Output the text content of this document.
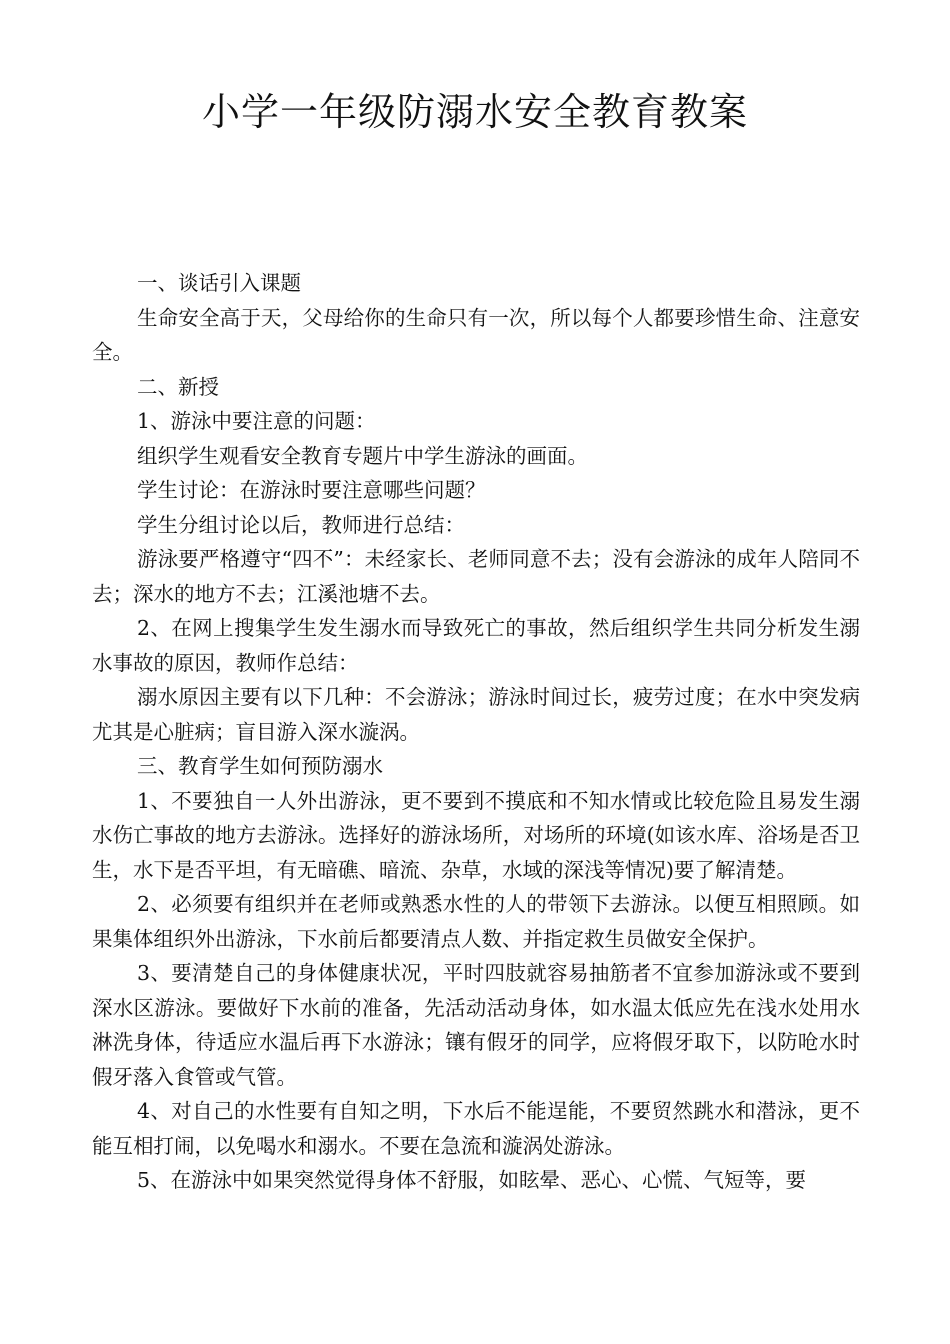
小学一年级防溺水安全教育教案

一、谈话引入课题

生命安全高于天，父母给你的生命只有一次，所以每个人都要珍惜生命、注意安全。

二、新授

1、游泳中要注意的问题：

组织学生观看安全教育专题片中学生游泳的画面。

学生讨论：在游泳时要注意哪些问题？

学生分组讨论以后，教师进行总结：

游泳要严格遵守“四不”：未经家长、老师同意不去；没有会游泳的成年人陪同不去；深水的地方不去；江溪池塘不去。

2、在网上搜集学生发生溺水而导致死亡的事故，然后组织学生共同分析发生溺水事故的原因，教师作总结：

溺水原因主要有以下几种：不会游泳；游泳时间过长，疲劳过度；在水中突发病尤其是心脏病；盲目游入深水漩涡。

三、教育学生如何预防溺水

1、不要独自一人外出游泳，更不要到不摸底和不知水情或比较危险且易发生溺水伤亡事故的地方去游泳。选择好的游泳场所，对场所的环境(如该水库、浴场是否卫生，水下是否平坦，有无暗礁、暗流、杂草，水域的深浅等情况)要了解清楚。

2、必须要有组织并在老师或熟悉水性的人的带领下去游泳。以便互相照顾。如果集体组织外出游泳，下水前后都要清点人数、并指定救生员做安全保护。

3、要清楚自己的身体健康状况，平时四肢就容易抽筋者不宜参加游泳或不要到深水区游泳。要做好下水前的准备，先活动活动身体，如水温太低应先在浅水处用水淋洗身体，待适应水温后再下水游泳；镶有假牙的同学，应将假牙取下，以防呛水时假牙落入食管或气管。

4、对自己的水性要有自知之明，下水后不能逞能，不要贸然跳水和潜泳，更不能互相打闹，以免喝水和溺水。不要在急流和漩涡处游泳。

5、在游泳中如果突然觉得身体不舒服，如眩晕、恶心、心慌、气短等，要
